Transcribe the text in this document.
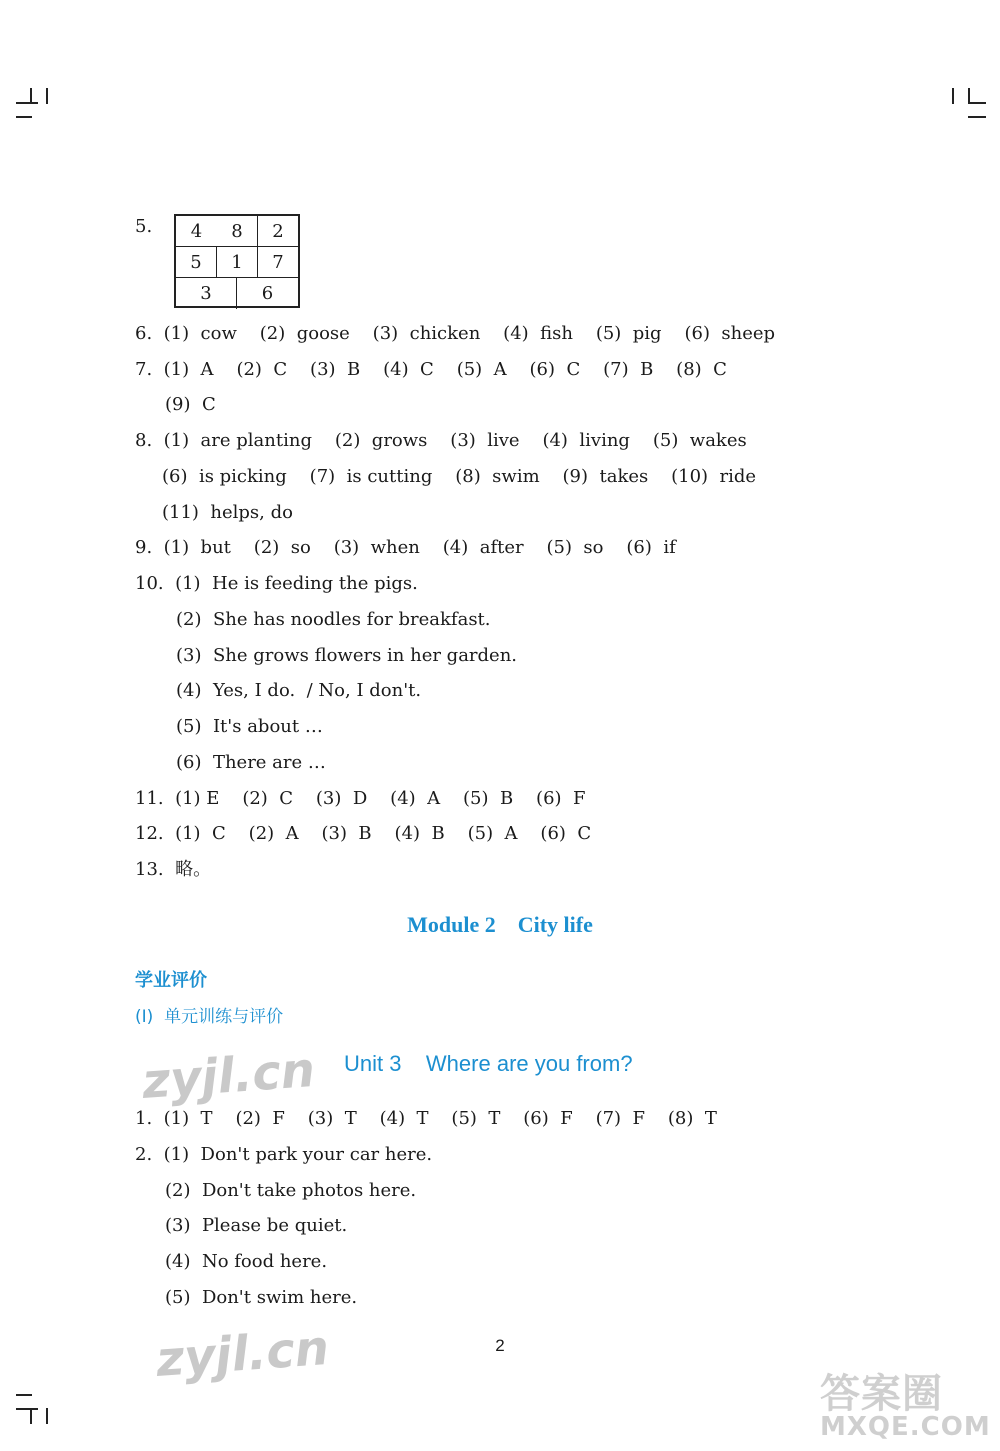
5.	4	8	2
5	1	7
3	6
6.  (1)  cow    (2)  goose    (3)  chicken    (4)  fish    (5)  pig    (6)  sheep
7.  (1)  A    (2)  C    (3)  B    (4)  C    (5)  A    (6)  C    (7)  B    (8)  C
(9)  C
8.  (1)  are planting    (2)  grows    (3)  live    (4)  living    (5)  wakes
(6)  is picking    (7)  is cutting    (8)  swim    (9)  takes    (10)  ride
(11)  helps, do
9.  (1)  but    (2)  so    (3)  when    (4)  after    (5)  so    (6)  if
10.  (1)  He is feeding the pigs.
(2)  She has noodles for breakfast.
(3)  She grows flowers in her garden.
(4)  Yes, I do.  / No, I don't.
(5)  It's about …
(6)  There are …
11.  (1) E    (2)  C    (3)  D    (4)  A    (5)  B    (6)  F
12.  (1)  C    (2)  A    (3)  B    (4)  B    (5)  A    (6)  C
13.  略。
Module 2    City life
学业评价
(Ⅰ)  单元训练与评价
zyjl.cn Unit 3    Where are you from?
1.  (1)  T    (2)  F    (3)  T    (4)  T    (5)  T    (6)  F    (7)  F    (8)  T
2.  (1)  Don't park your car here.
(2)  Don't take photos here.
(3)  Please be quiet.
(4)  No food here.
(5)  Don't swim here.
zyjl.cn	2
答案圈
MXQE.COM
